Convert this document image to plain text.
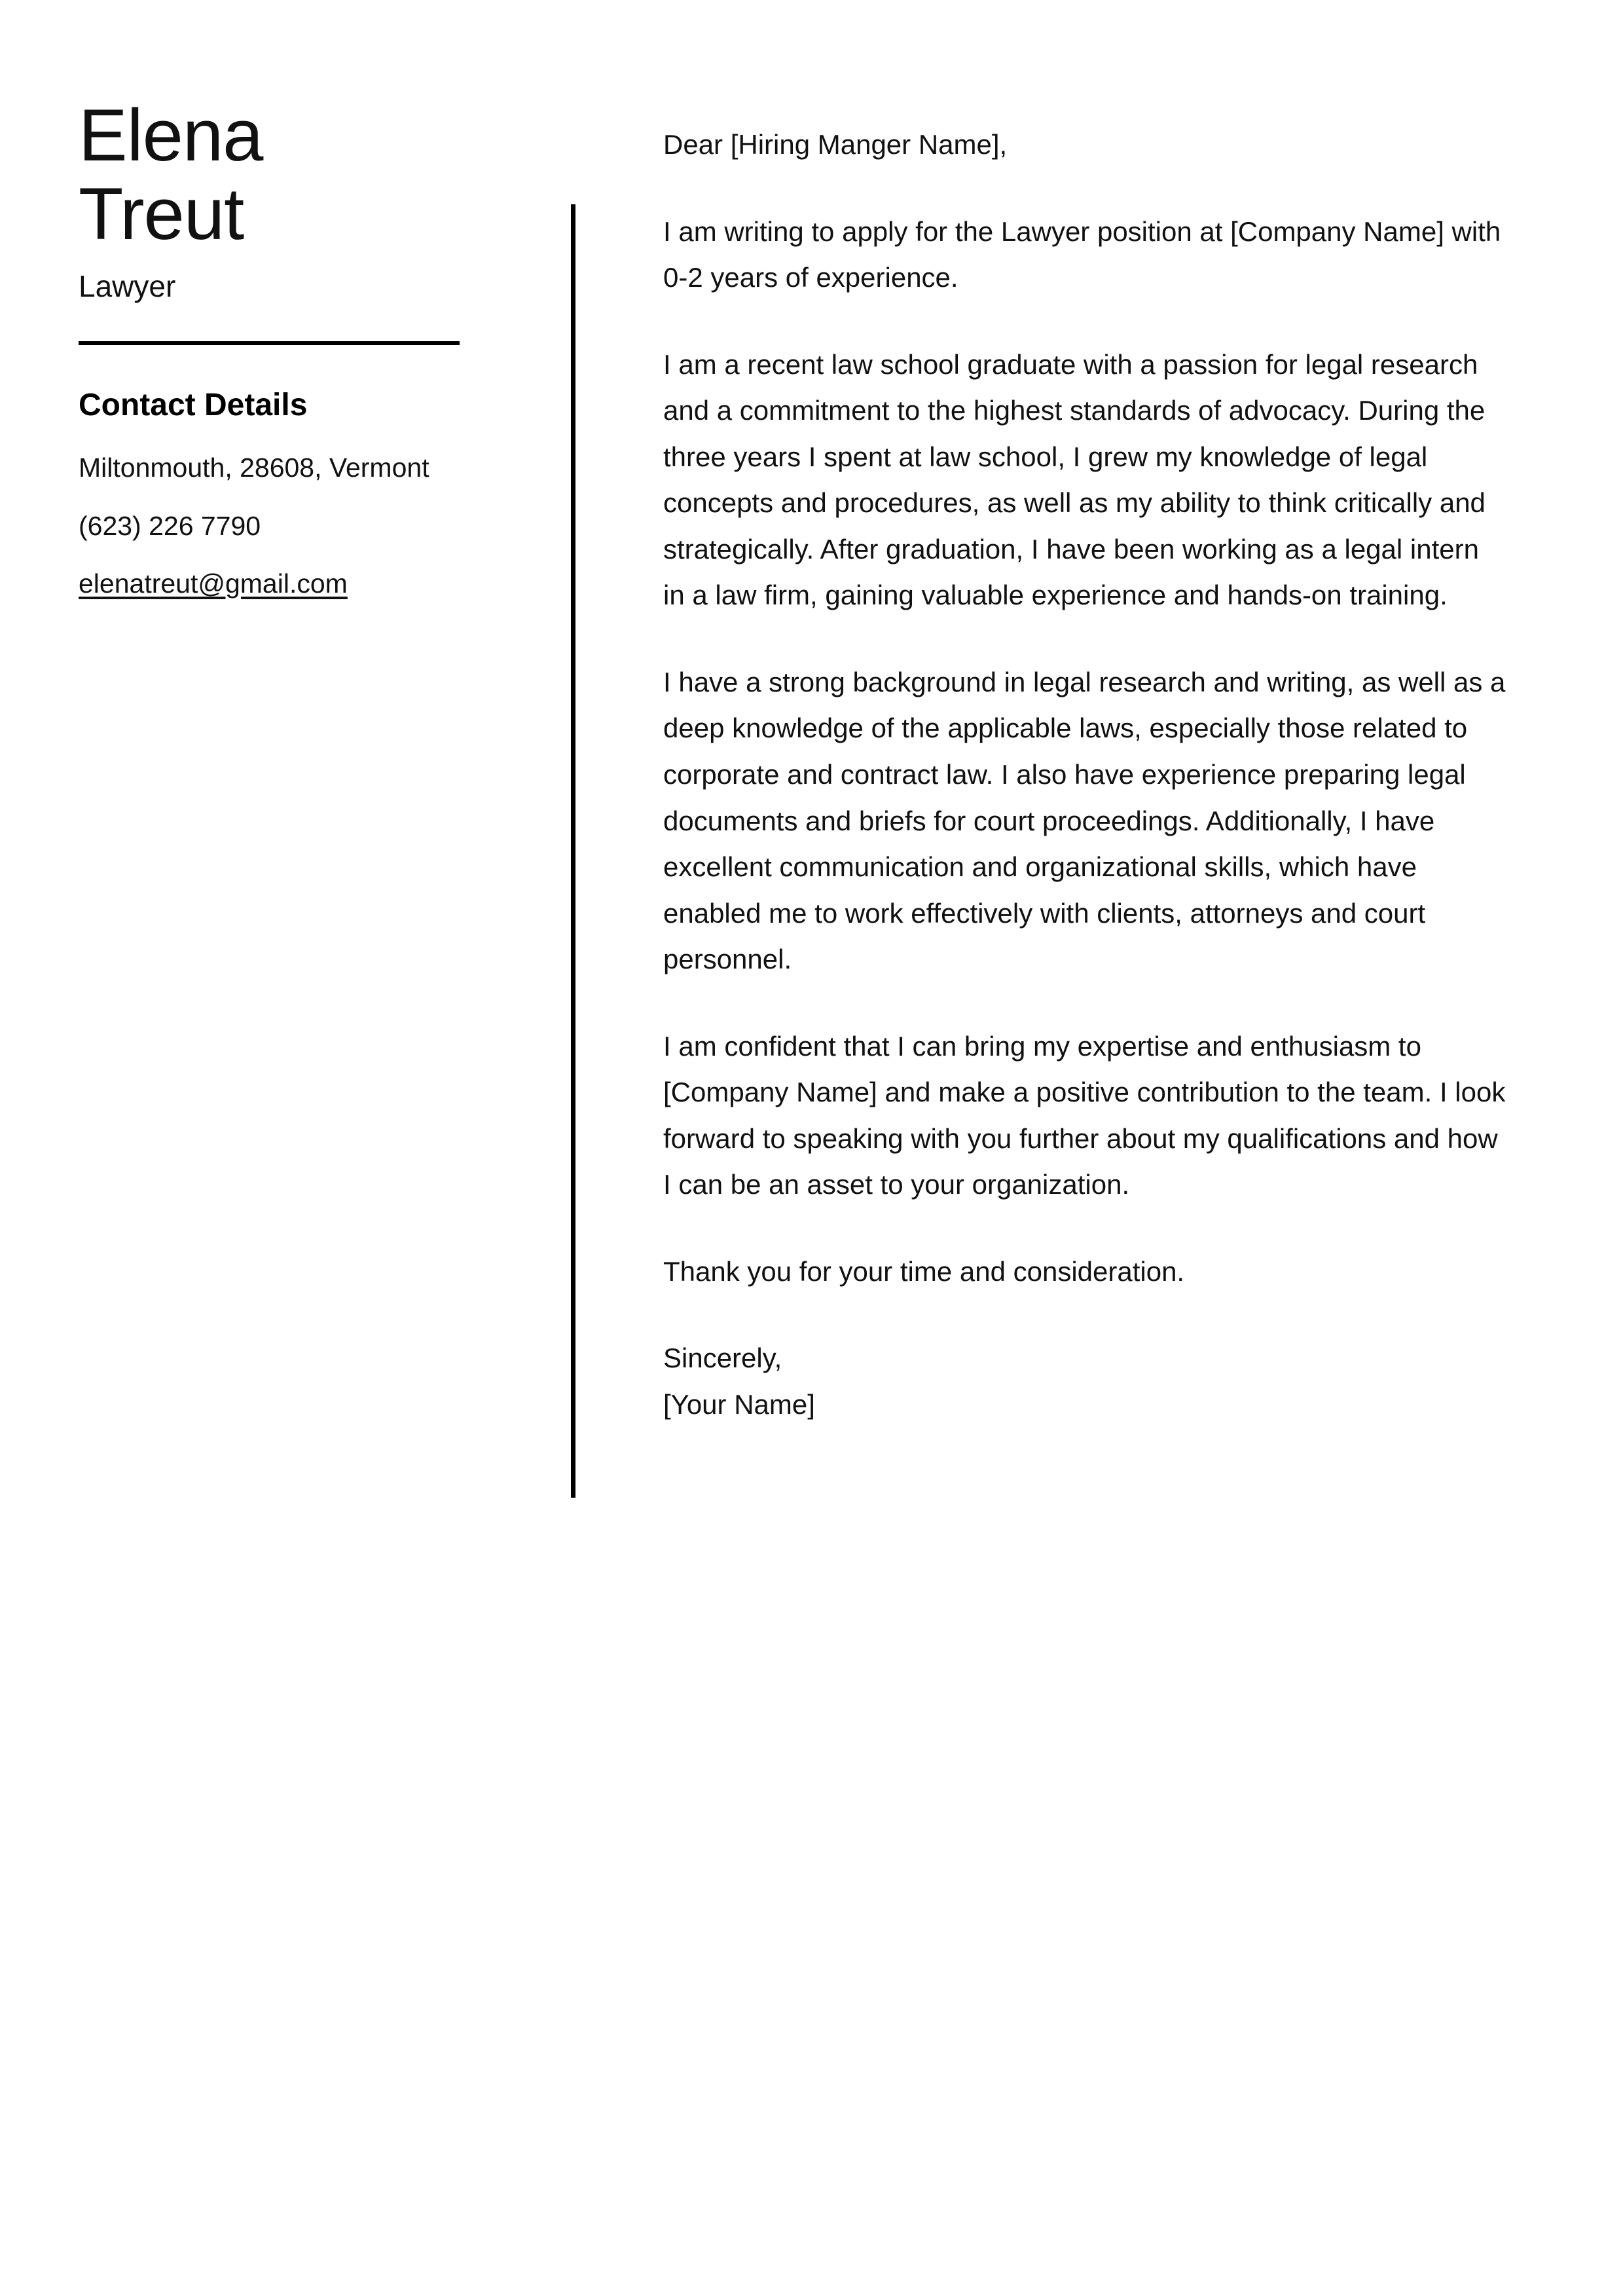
Elena
Treut
Lawyer
Contact Details
Miltonmouth, 28608, Vermont
(623) 226 7790
elenatreut@gmail.com

Dear [Hiring Manger Name],

I am writing to apply for the Lawyer position at [Company Name] with 0-2 years of experience.

I am a recent law school graduate with a passion for legal research and a commitment to the highest standards of advocacy. During the three years I spent at law school, I grew my knowledge of legal concepts and procedures, as well as my ability to think critically and strategically. After graduation, I have been working as a legal intern in a law firm, gaining valuable experience and hands-on training.

I have a strong background in legal research and writing, as well as a deep knowledge of the applicable laws, especially those related to corporate and contract law. I also have experience preparing legal documents and briefs for court proceedings. Additionally, I have excellent communication and organizational skills, which have enabled me to work effectively with clients, attorneys and court personnel.

I am confident that I can bring my expertise and enthusiasm to [Company Name] and make a positive contribution to the team. I look forward to speaking with you further about my qualifications and how I can be an asset to your organization.

Thank you for your time and consideration.

Sincerely,
[Your Name]
